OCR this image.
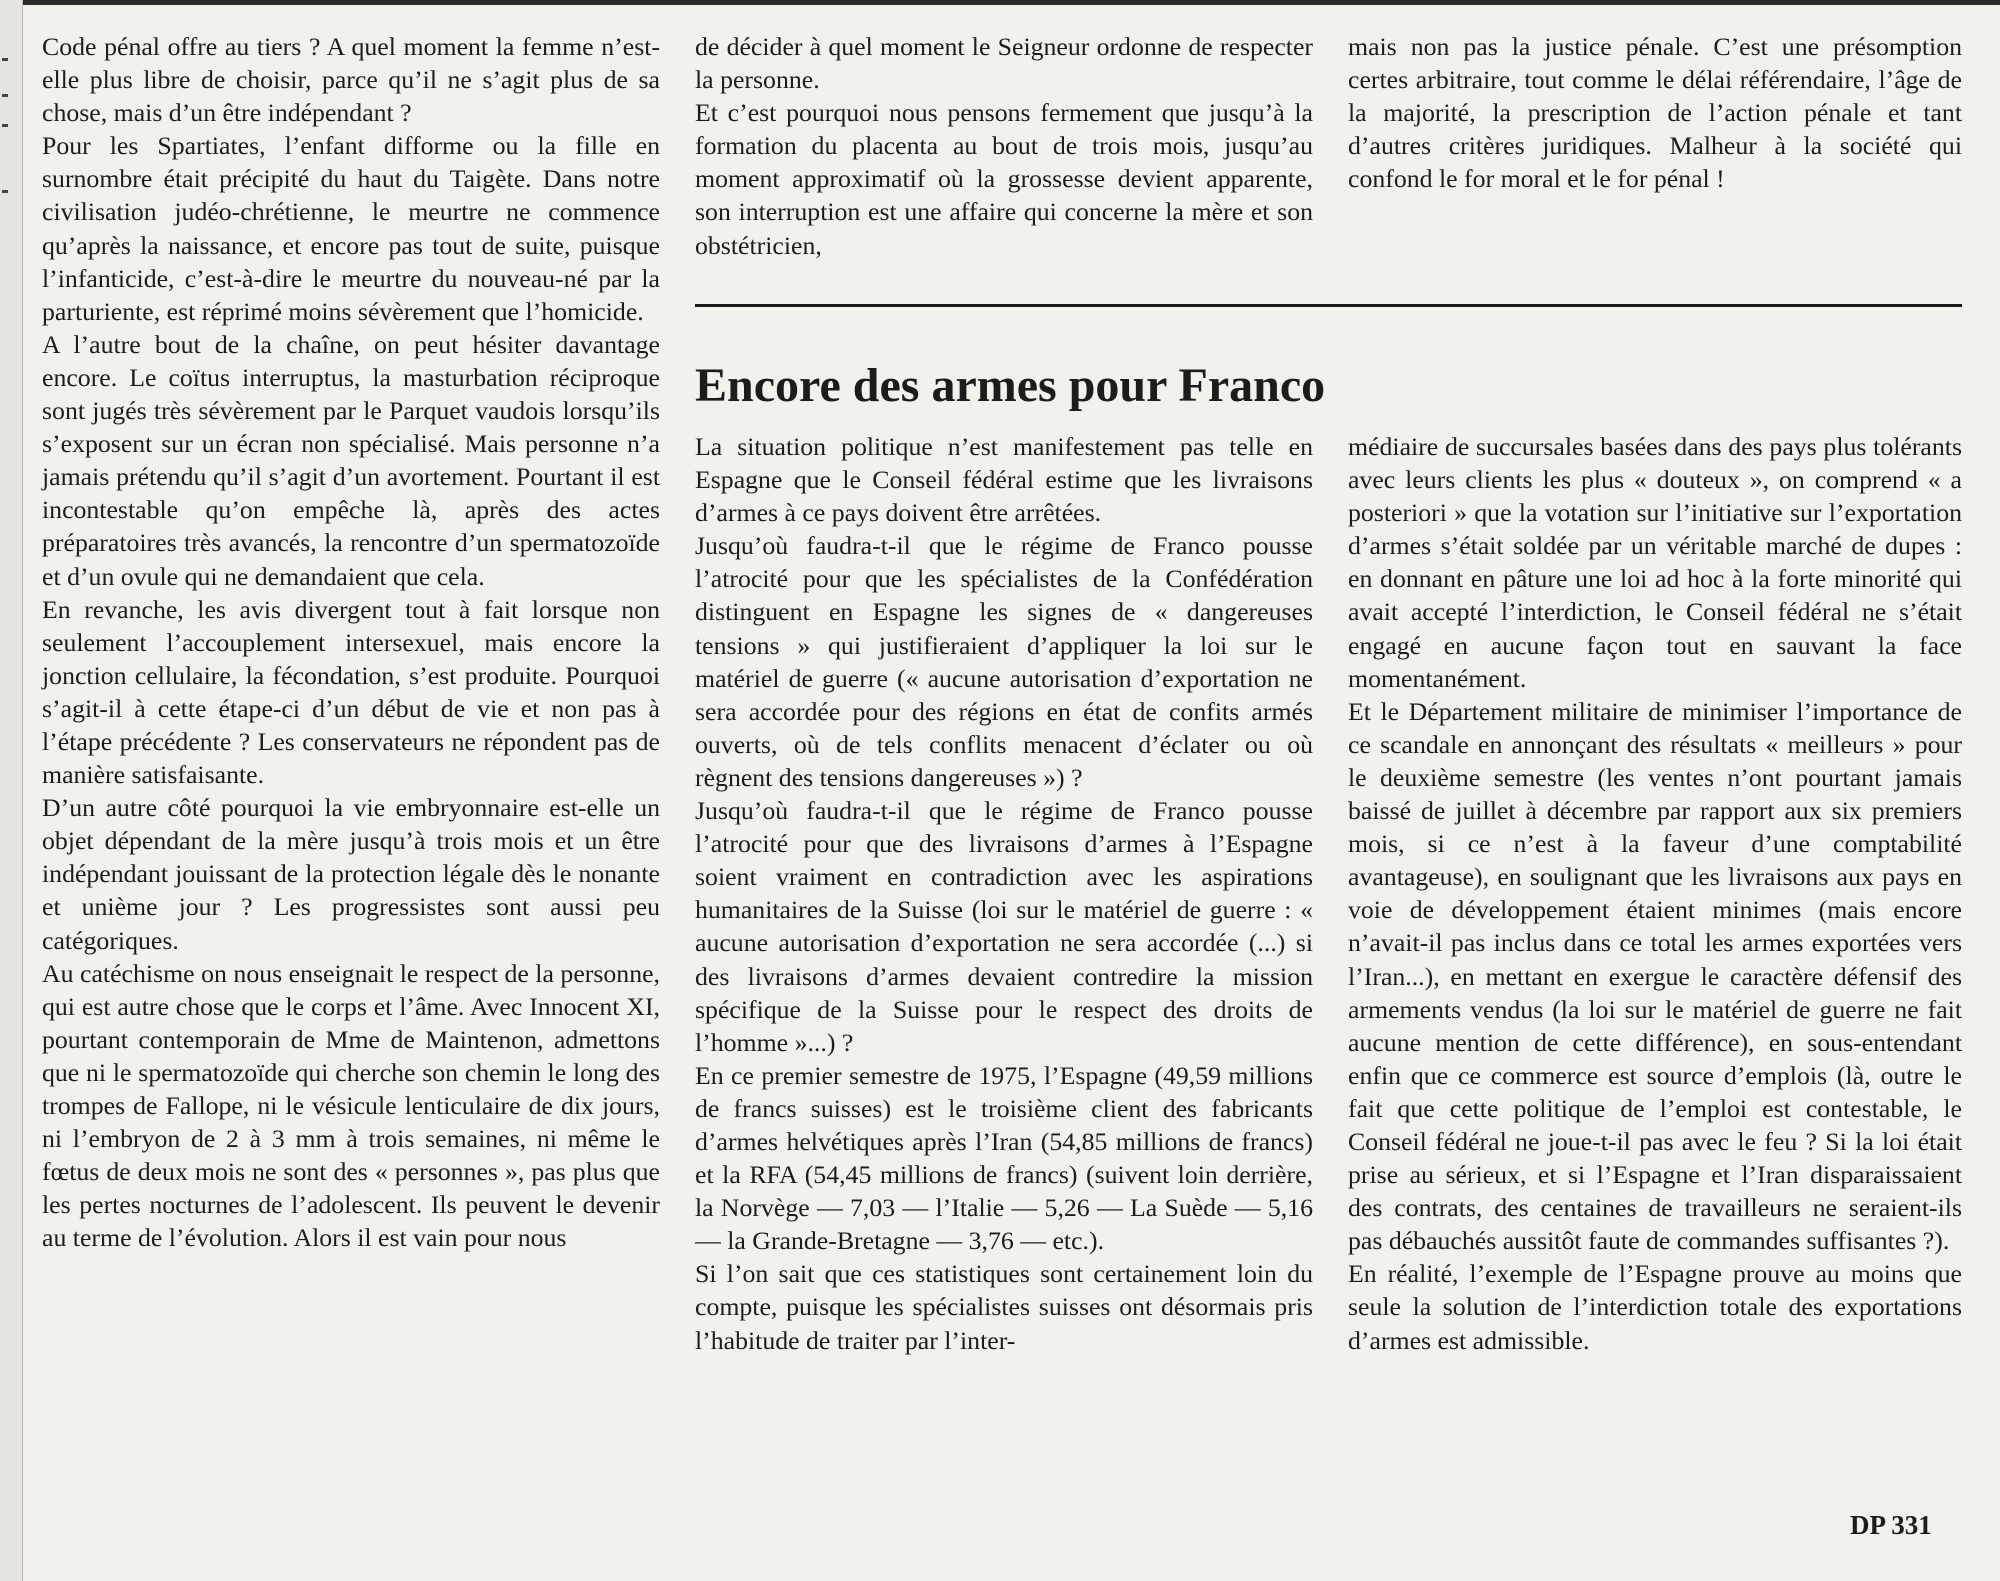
Code pénal offre au tiers ? A quel moment la femme n’est-elle plus libre de choisir, parce qu’il ne s’agit plus de sa chose, mais d’un être indépendant ?

Pour les Spartiates, l’enfant difforme ou la fille en surnombre était précipité du haut du Taigète. Dans notre civilisation judéo-chrétienne, le meurtre ne commence qu’après la naissance, et encore pas tout de suite, puisque l’infanticide, c’est-à-dire le meurtre du nouveau-né par la parturiente, est réprimé moins sévèrement que l’homicide.

A l’autre bout de la chaîne, on peut hésiter davantage encore. Le coïtus interruptus, la masturbation réciproque sont jugés très sévèrement par le Parquet vaudois lorsqu’ils s’exposent sur un écran non spécialisé. Mais personne n’a jamais prétendu qu’il s’agit d’un avortement. Pourtant il est incontestable qu’on empêche là, après des actes préparatoires très avancés, la rencontre d’un spermatozoïde et d’un ovule qui ne demandaient que cela.

En revanche, les avis divergent tout à fait lorsque non seulement l’accouplement intersexuel, mais encore la jonction cellulaire, la fécondation, s’est produite. Pourquoi s’agit-il à cette étape-ci d’un début de vie et non pas à l’étape précédente ? Les conservateurs ne répondent pas de manière satisfaisante.

D’un autre côté pourquoi la vie embryonnaire est-elle un objet dépendant de la mère jusqu’à trois mois et un être indépendant jouissant de la protection légale dès le nonante et unième jour ? Les progressistes sont aussi peu catégoriques.

Au catéchisme on nous enseignait le respect de la personne, qui est autre chose que le corps et l’âme. Avec Innocent XI, pourtant contemporain de Mme de Maintenon, admettons que ni le spermatozoïde qui cherche son chemin le long des trompes de Fallope, ni le vésicule lenticulaire de dix jours, ni l’embryon de 2 à 3 mm à trois semaines, ni même le fœtus de deux mois ne sont des « personnes », pas plus que les pertes nocturnes de l’adolescent. Ils peuvent le devenir au terme de l’évolution. Alors il est vain pour nous

de décider à quel moment le Seigneur ordonne de respecter la personne.

Et c’est pourquoi nous pensons fermement que jusqu’à la formation du placenta au bout de trois mois, jusqu’au moment approximatif où la grossesse devient apparente, son interruption est une affaire qui concerne la mère et son obstétricien,

mais non pas la justice pénale. C’est une présomption certes arbitraire, tout comme le délai référendaire, l’âge de la majorité, la prescription de l’action pénale et tant d’autres critères juridiques. Malheur à la société qui confond le for moral et le for pénal !

Encore des armes pour Franco

La situation politique n’est manifestement pas telle en Espagne que le Conseil fédéral estime que les livraisons d’armes à ce pays doivent être arrêtées.

Jusqu’où faudra-t-il que le régime de Franco pousse l’atrocité pour que les spécialistes de la Confédération distinguent en Espagne les signes de « dangereuses tensions » qui justifieraient d’appliquer la loi sur le matériel de guerre (« aucune autorisation d’exportation ne sera accordée pour des régions en état de confits armés ouverts, où de tels conflits menacent d’éclater ou où règnent des tensions dangereuses ») ?

Jusqu’où faudra-t-il que le régime de Franco pousse l’atrocité pour que des livraisons d’armes à l’Espagne soient vraiment en contradiction avec les aspirations humanitaires de la Suisse (loi sur le matériel de guerre : « aucune autorisation d’exportation ne sera accordée (...) si des livraisons d’armes devaient contredire la mission spécifique de la Suisse pour le respect des droits de l’homme »...) ?

En ce premier semestre de 1975, l’Espagne (49,59 millions de francs suisses) est le troisième client des fabricants d’armes helvétiques après l’Iran (54,85 millions de francs) et la RFA (54,45 millions de francs) (suivent loin derrière, la Norvège — 7,03 — l’Italie — 5,26 — La Suède — 5,16 — la Grande-Bretagne — 3,76 — etc.).

Si l’on sait que ces statistiques sont certainement loin du compte, puisque les spécialistes suisses ont désormais pris l’habitude de traiter par l’inter-

médiaire de succursales basées dans des pays plus tolérants avec leurs clients les plus « douteux », on comprend « a posteriori » que la votation sur l’initiative sur l’exportation d’armes s’était soldée par un véritable marché de dupes : en donnant en pâture une loi ad hoc à la forte minorité qui avait accepté l’interdiction, le Conseil fédéral ne s’était engagé en aucune façon tout en sauvant la face momentanément.

Et le Département militaire de minimiser l’importance de ce scandale en annonçant des résultats « meilleurs » pour le deuxième semestre (les ventes n’ont pourtant jamais baissé de juillet à décembre par rapport aux six premiers mois, si ce n’est à la faveur d’une comptabilité avantageuse), en soulignant que les livraisons aux pays en voie de développement étaient minimes (mais encore n’avait-il pas inclus dans ce total les armes exportées vers l’Iran...), en mettant en exergue le caractère défensif des armements vendus (la loi sur le matériel de guerre ne fait aucune mention de cette différence), en sous-entendant enfin que ce commerce est source d’emplois (là, outre le fait que cette politique de l’emploi est contestable, le Conseil fédéral ne joue-t-il pas avec le feu ? Si la loi était prise au sérieux, et si l’Espagne et l’Iran disparaissaient des contrats, des centaines de travailleurs ne seraient-ils pas débauchés aussitôt faute de commandes suffisantes ?).

En réalité, l’exemple de l’Espagne prouve au moins que seule la solution de l’interdiction totale des exportations d’armes est admissible.

DP 331
